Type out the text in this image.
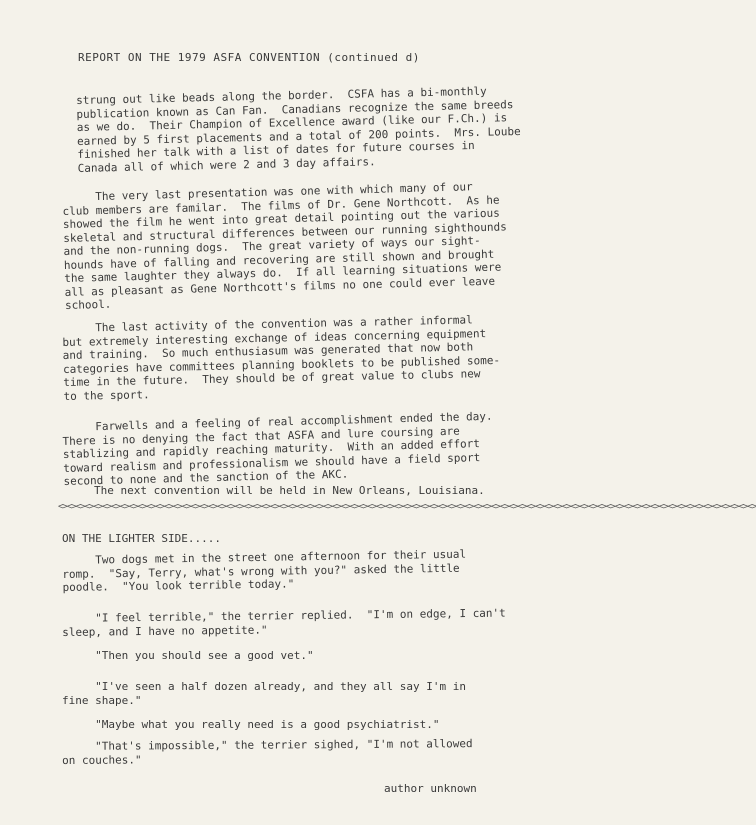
REPORT ON THE 1979 ASFA CONVENTION (continued d)
strung out like beads along the border.  CSFA has a bi-monthly
publication known as Can Fan.  Canadians recognize the same breeds
as we do.  Their Champion of Excellence award (like our F.Ch.) is
earned by 5 first placements and a total of 200 points.  Mrs. Loube
finished her talk with a list of dates for future courses in
Canada all of which were 2 and 3 day affairs.
The very last presentation was one with which many of our
club members are familar.  The films of Dr. Gene Northcott.  As he
showed the film he went into great detail pointing out the various
skeletal and structural differences between our running sighthounds
and the non-running dogs.  The great variety of ways our sight-
hounds have of falling and recovering are still shown and brought
the same laughter they always do.  If all learning situations were
all as pleasant as Gene Northcott's films no one could ever leave
school.
The last activity of the convention was a rather informal
but extremely interesting exchange of ideas concerning equipment
and training.  So much enthusiasum was generated that now both
categories have committees planning booklets to be published some-
time in the future.  They should be of great value to clubs new
to the sport.
Farwells and a feeling of real accomplishment ended the day.
There is no denying the fact that ASFA and lure coursing are
stablizing and rapidly reaching maturity.  With an added effort
toward realism and professionalism we should have a field sport
second to none and the sanction of the AKC.
The next convention will be held in New Orleans, Louisiana.
<><><><><><><><><><><><><><><><><><><><><><><><><><><><><><><><><><><><><><><><><><><><><><><><><><><><><><><><><><><><><><><><><><><><><><><><><><><><><><><>
ON THE LIGHTER SIDE.....
Two dogs met in the street one afternoon for their usual
romp.  "Say, Terry, what's wrong with you?" asked the little
poodle.  "You look terrible today."
"I feel terrible," the terrier replied.  "I'm on edge, I can't
sleep, and I have no appetite."
"Then you should see a good vet."
"I've seen a half dozen already, and they all say I'm in
fine shape."
"Maybe what you really need is a good psychiatrist."
"That's impossible," the terrier sighed, "I'm not allowed
on couches."
author unknown
